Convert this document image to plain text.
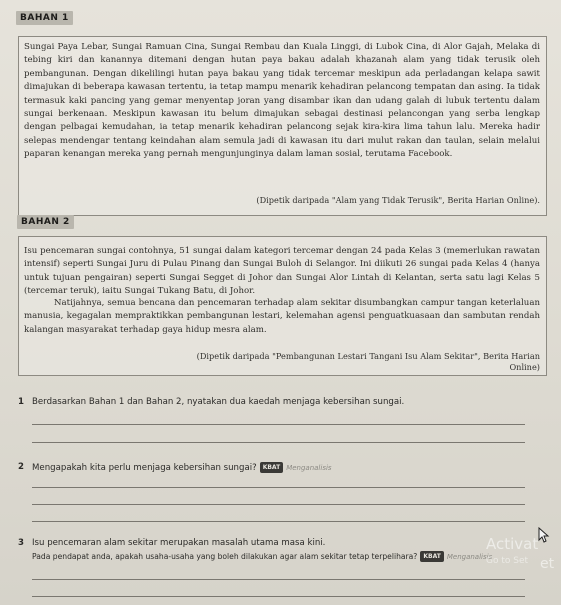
BAHAN 1

Sungai Paya Lebar, Sungai Ramuan Cina, Sungai Rembau dan Kuala Linggi, di Lubok Cina, di Alor Gajah, Melaka di tebing kiri dan kanannya ditemani dengan hutan paya bakau adalah khazanah alam yang tidak terusik oleh pembangunan. Dengan dikelilingi hutan paya bakau yang tidak tercemar meskipun ada perladangan kelapa sawit dimajukan di beberapa kawasan tertentu, ia tetap mampu menarik kehadiran pelancong tempatan dan asing. Ia tidak termasuk kaki pancing yang gemar menyentap joran yang disambar ikan dan udang galah di lubuk tertentu dalam sungai berkenaan. Meskipun kawasan itu belum dimajukan sebagai destinasi pelancongan yang serba lengkap dengan pelbagai kemudahan, ia tetap menarik kehadiran pelancong sejak kira-kira lima tahun lalu. Mereka hadir selepas mendengar tentang keindahan alam semula jadi di kawasan itu dari mulut rakan dan taulan, selain melalui paparan kenangan mereka yang pernah mengunjunginya dalam laman sosial, terutama Facebook.

(Dipetik daripada "Alam yang Tidak Terusik", Berita Harian Online).

BAHAN 2

Isu pencemaran sungai contohnya, 51 sungai dalam kategori tercemar dengan 24 pada Kelas 3 (memerlukan rawatan intensif) seperti Sungai Juru di Pulau Pinang dan Sungai Buloh di Selangor. Ini diikuti 26 sungai pada Kelas 4 (hanya untuk tujuan pengairan) seperti Sungai Segget di Johor dan Sungai Alor Lintah di Kelantan, serta satu lagi Kelas 5 (tercemar teruk), iaitu Sungai Tukang Batu, di Johor.

Natijahnya, semua bencana dan pencemaran terhadap alam sekitar disumbangkan campur tangan keterlaluan manusia, kegagalan mempraktikkan pembangunan lestari, kelemahan agensi penguatkuasaan dan sambutan rendah kalangan masyarakat terhadap gaya hidup mesra alam.

(Dipetik daripada "Pembangunan Lestari Tangani Isu Alam Sekitar", Berita Harian Online)

1 Berdasarkan Bahan 1 dan Bahan 2, nyatakan dua kaedah menjaga kebersihan sungai.
2 Mengapakah kita perlu menjaga kebersihan sungai? KBAT Menganalisis
3 Isu pencemaran alam sekitar merupakan masalah utama masa kini.
Pada pendapat anda, apakah usaha-usaha yang boleh dilakukan agar alam sekitar tetap terpelihara? KBAT Menganalisis
Activat
et
Go to Set
